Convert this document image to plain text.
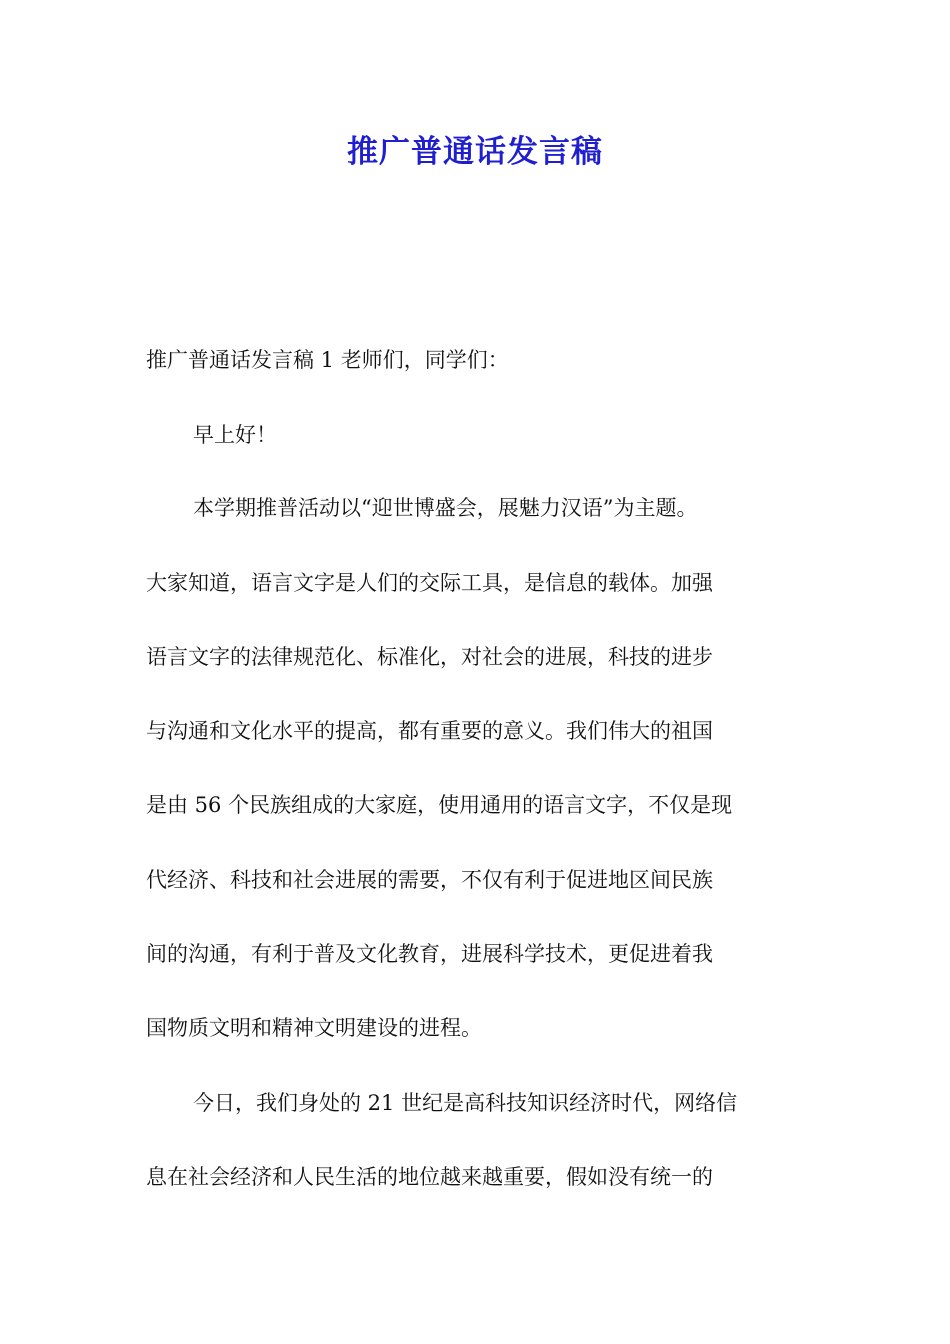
推广普通话发言稿

推广普通话发言稿 1 老师们，同学们：

早上好！

本学期推普活动以“迎世博盛会，展魅力汉语”为主题。

大家知道，语言文字是人们的交际工具，是信息的载体。加强

语言文字的法律规范化、标准化，对社会的进展，科技的进步

与沟通和文化水平的提高，都有重要的意义。我们伟大的祖国

是由 56 个民族组成的大家庭，使用通用的语言文字，不仅是现

代经济、科技和社会进展的需要，不仅有利于促进地区间民族

间的沟通，有利于普及文化教育，进展科学技术，更促进着我

国物质文明和精神文明建设的进程。

今日，我们身处的 21 世纪是高科技知识经济时代，网络信

息在社会经济和人民生活的地位越来越重要，假如没有统一的
